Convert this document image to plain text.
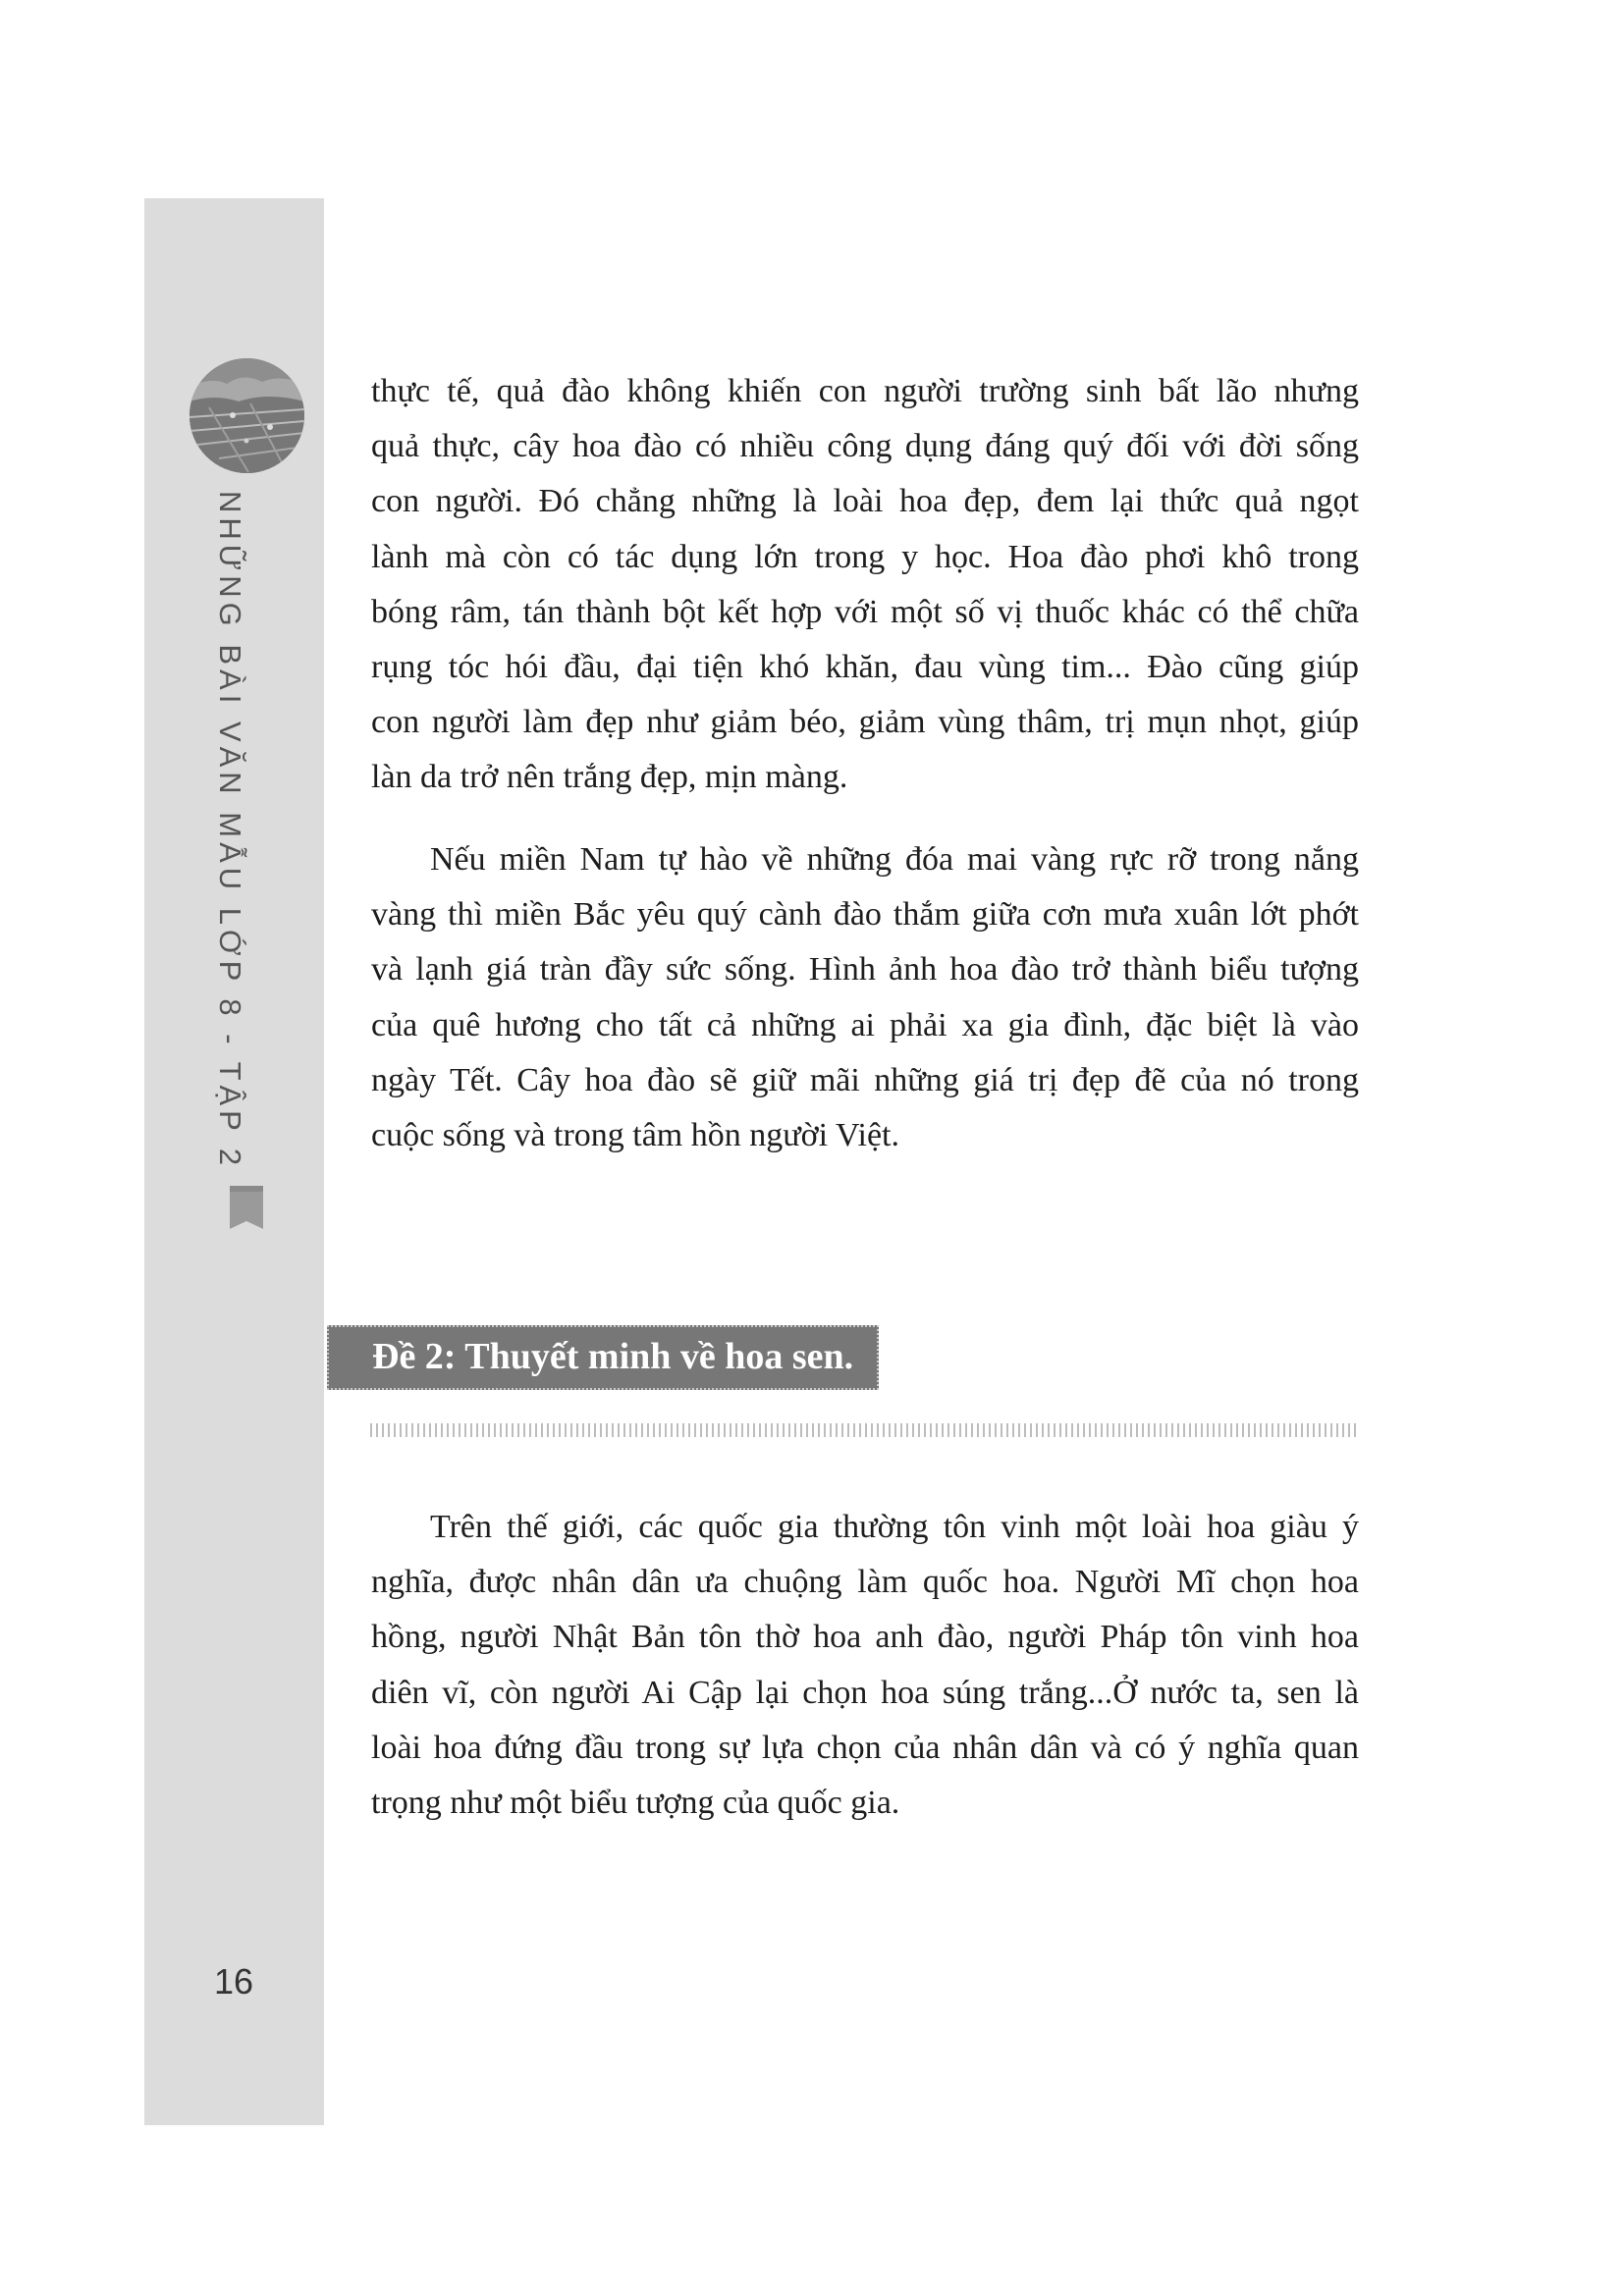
NHỮNG BÀI VĂN MẪU LỚP 8 - TẬP 2
16
thực tế, quả đào không khiến con người trường sinh bất lão nhưng
quả thực, cây hoa đào có nhiều công dụng đáng quý đối với đời sống
con người. Đó chẳng những là loài hoa đẹp, đem lại thức quả ngọt
lành mà còn có tác dụng lớn trong y học. Hoa đào phơi khô trong
bóng râm, tán thành bột kết hợp với một số vị thuốc khác có thể chữa
rụng tóc hói đầu, đại tiện khó khăn, đau vùng tim... Đào cũng giúp
con người làm đẹp như giảm béo, giảm vùng thâm, trị mụn nhọt, giúp
làn da trở nên trắng đẹp, mịn màng.
Nếu miền Nam tự hào về những đóa mai vàng rực rỡ trong nắng
vàng thì miền Bắc yêu quý cành đào thắm giữa cơn mưa xuân lớt phớt
và lạnh giá tràn đầy sức sống. Hình ảnh hoa đào trở thành biểu tượng
của quê hương cho tất cả những ai phải xa gia đình, đặc biệt là vào
ngày Tết. Cây hoa đào sẽ giữ mãi những giá trị đẹp đẽ của nó trong
cuộc sống và trong tâm hồn người Việt.
Đề 2: Thuyết minh về hoa sen.
Trên thế giới, các quốc gia thường tôn vinh một loài hoa giàu ý
nghĩa, được nhân dân ưa chuộng làm quốc hoa. Người Mĩ chọn hoa
hồng, người Nhật Bản tôn thờ hoa anh đào, người Pháp tôn vinh hoa
diên vĩ, còn người Ai Cập lại chọn hoa súng trắng...Ở nước ta, sen là
loài hoa đứng đầu trong sự lựa chọn của nhân dân và có ý nghĩa quan
trọng như một biểu tượng của quốc gia.
